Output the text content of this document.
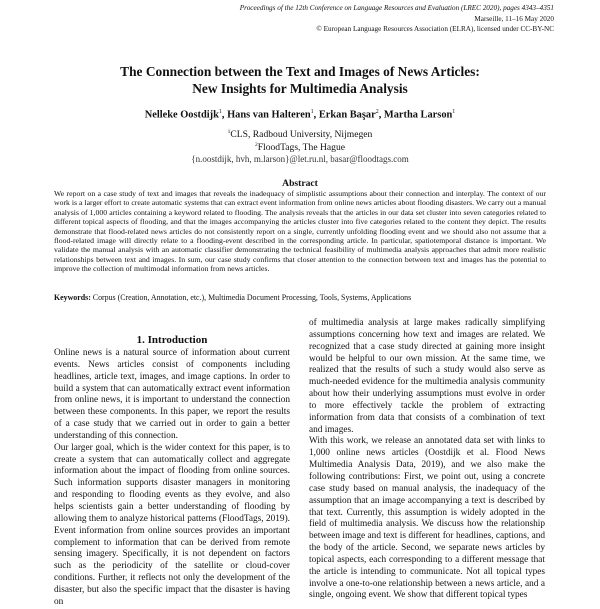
Proceedings of the 12th Conference on Language Resources and Evaluation (LREC 2020), pages 4343–4351
Marseille, 11–16 May 2020
© European Language Resources Association (ELRA), licensed under CC-BY-NC
The Connection between the Text and Images of News Articles:
New Insights for Multimedia Analysis
Nelleke Oostdijk$^1$, Hans van Halteren$^1$, Erkan Başar$^2$, Martha Larson$^1$
$^1$CLS, Radboud University, Nijmegen
$^2$FloodTags, The Hague
{n.oostdijk, hvh, m.larson}@let.ru.nl, basar@floodtags.com
Abstract
We report on a case study of text and images that reveals the inadequacy of simplistic assumptions about their connection and interplay. The context of our work is a larger effort to create automatic systems that can extract event information from online news articles about flooding disasters. We carry out a manual analysis of 1,000 articles containing a keyword related to flooding. The analysis reveals that the articles in our data set cluster into seven categories related to different topical aspects of flooding, and that the images accompanying the articles cluster into five categories related to the content they depict. The results demonstrate that flood-related news articles do not consistently report on a single, currently unfolding flooding event and we should also not assume that a flood-related image will directly relate to a flooding-event described in the corresponding article. In particular, spatiotemporal distance is important. We validate the manual analysis with an automatic classifier demonstrating the technical feasibility of multimedia analysis approaches that admit more realistic relationships between text and images. In sum, our case study confirms that closer attention to the connection between text and images has the potential to improve the collection of multimodal information from news articles.
Keywords: Corpus (Creation, Annotation, etc.), Multimedia Document Processing, Tools, Systems, Applications
1. Introduction

Online news is a natural source of information about current events. News articles consist of components including headlines, article text, images, and image captions. In order to build a system that can automatically extract event information from online news, it is important to understand the connection between these components. In this paper, we report the results of a case study that we carried out in order to gain a better understanding of this connection.

Our larger goal, which is the wider context for this paper, is to create a system that can automatically collect and aggregate information about the impact of flooding from online sources. Such information supports disaster managers in monitoring and responding to flooding events as they evolve, and also helps scientists gain a better understanding of flooding by allowing them to analyze historical patterns (FloodTags, 2019). Event information from online sources provides an important complement to information that can be derived from remote sensing imagery. Specifically, it is not dependent on factors such as the periodicity of the satellite or cloud-cover conditions. Further, it reflects not only the development of the disaster, but also the specific impact that the disaster is having on

of multimedia analysis at large makes radically simplifying assumptions concerning how text and images are related. We recognized that a case study directed at gaining more insight would be helpful to our own mission. At the same time, we realized that the results of such a study would also serve as much-needed evidence for the multimedia analysis community about how their underlying assumptions must evolve in order to more effectively tackle the problem of extracting information from data that consists of a combination of text and images.

With this work, we release an annotated data set with links to 1,000 online news articles (Oostdijk et al. Flood News Multimedia Analysis Data, 2019), and we also make the following contributions: First, we point out, using a concrete case study based on manual analysis, the inadequacy of the assumption that an image accompanying a text is described by that text. Currently, this assumption is widely adopted in the field of multimedia analysis. We discuss how the relationship between image and text is different for headlines, captions, and the body of the article. Second, we separate news articles by topical aspects, each corresponding to a different message that the article is intending to communicate. Not all topical types involve a one-to-one relationship between a news article, and a single, ongoing event. We show that different topical types
